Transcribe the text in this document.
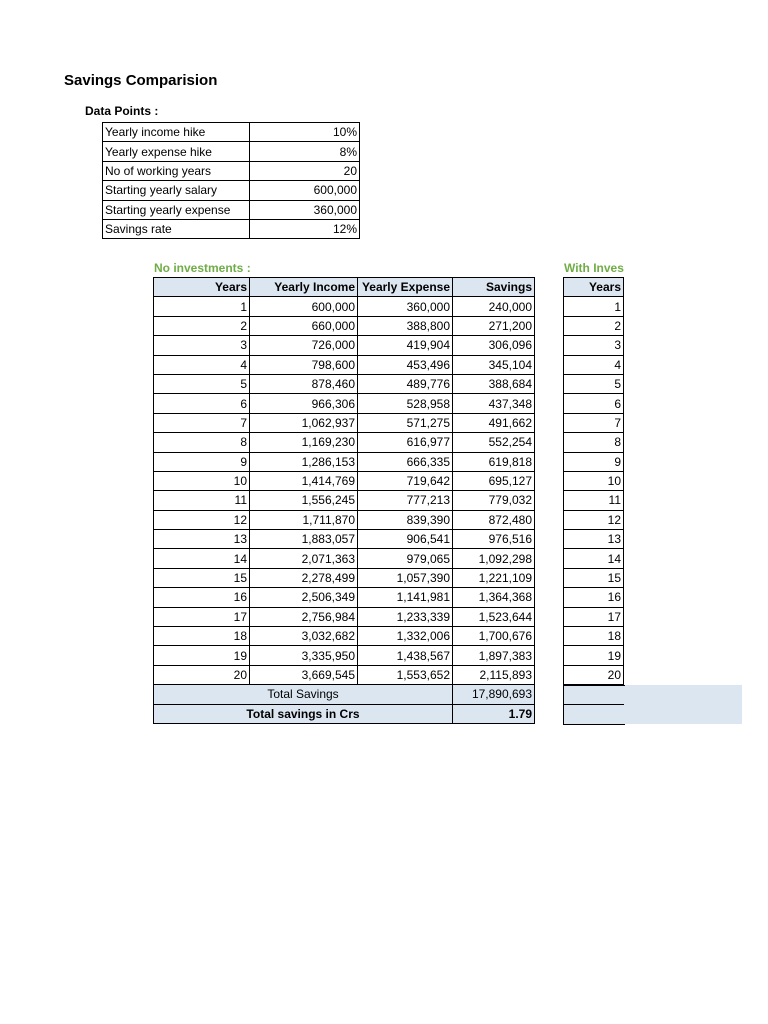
Savings Comparision
Data Points :
Yearly income hike	10%
Yearly expense hike	8%
No of working years	20
Starting yearly salary	600,000
Starting yearly expense	360,000
Savings rate	12%
No investments :	With Inves
Years	Yearly Income	Yearly Expense	Savings
1	600,000	360,000	240,000
2	660,000	388,800	271,200
3	726,000	419,904	306,096
4	798,600	453,496	345,104
5	878,460	489,776	388,684
6	966,306	528,958	437,348
7	1,062,937	571,275	491,662
8	1,169,230	616,977	552,254
9	1,286,153	666,335	619,818
10	1,414,769	719,642	695,127
11	1,556,245	777,213	779,032
12	1,711,870	839,390	872,480
13	1,883,057	906,541	976,516
14	2,071,363	979,065	1,092,298
15	2,278,499	1,057,390	1,221,109
16	2,506,349	1,141,981	1,364,368
17	2,756,984	1,233,339	1,523,644
18	3,032,682	1,332,006	1,700,676
19	3,335,950	1,438,567	1,897,383
20	3,669,545	1,553,652	2,115,893
Total Savings			17,890,693
Total savings in Crs			1.79
Years
1
2
3
4
5
6
7
8
9
10
11
12
13
14
15
16
17
18
19
20
